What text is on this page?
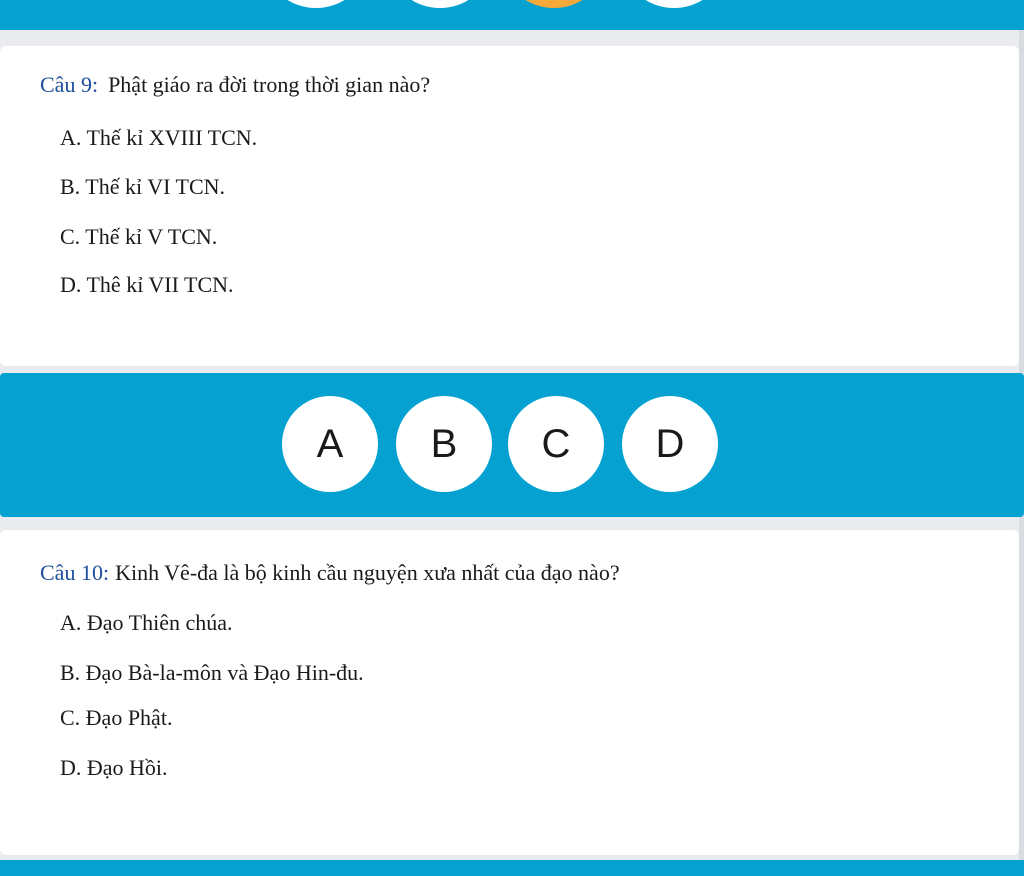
Câu 9: Phật giáo ra đời trong thời gian nào?
A. Thế kỉ XVIII TCN.
B. Thế kỉ VI TCN.
C. Thế kỉ V TCN.
D. Thê kỉ VII TCN.
A	B	C	D
Câu 10: Kinh Vê-đa là bộ kinh cầu nguyện xưa nhất của đạo nào?
A. Đạo Thiên chúa.
B. Đạo Bà-la-môn và Đạo Hin-đu.
C. Đạo Phật.
D. Đạo Hồi.
